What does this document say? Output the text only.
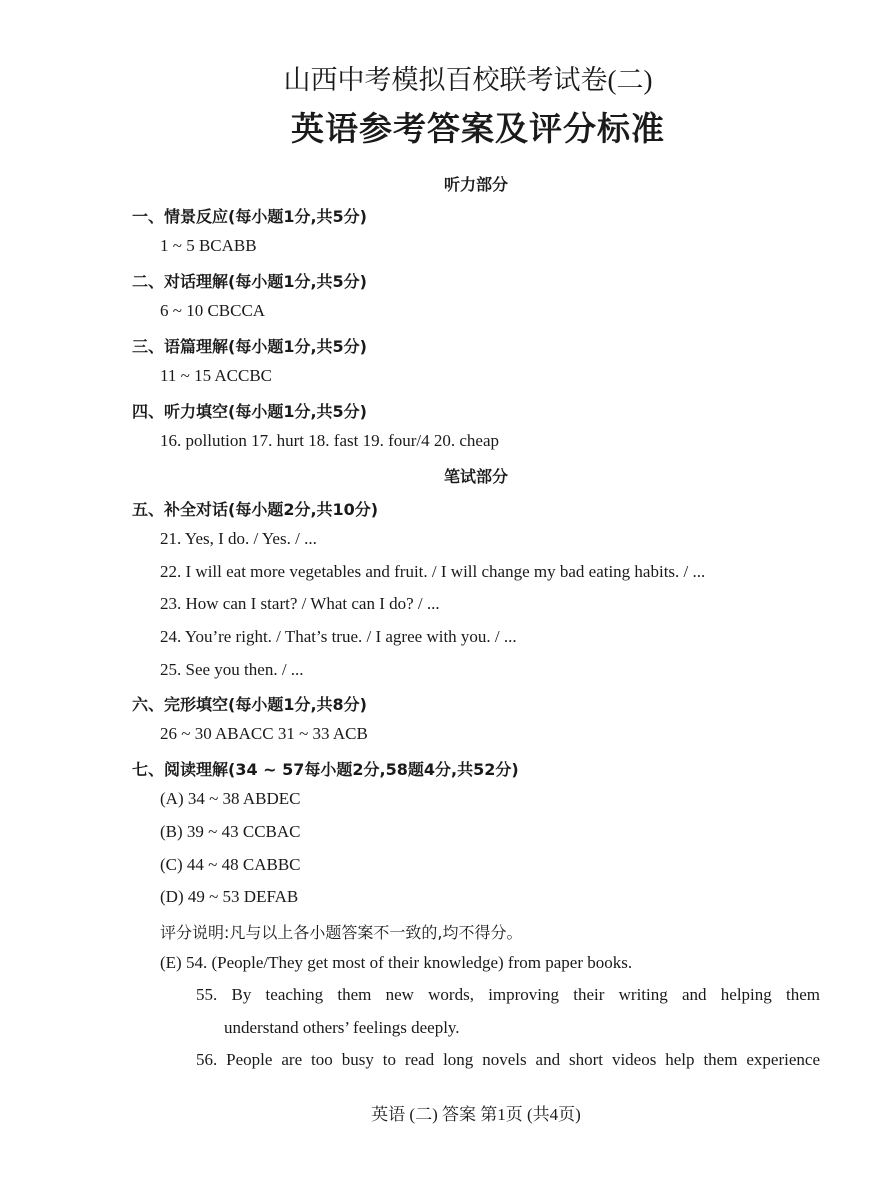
山西中考模拟百校联考试卷(二)
英语参考答案及评分标准
听力部分
一、情景反应(每小题1分,共5分)
1 ~ 5 BCABB
二、对话理解(每小题1分,共5分)
6 ~ 10 CBCCA
三、语篇理解(每小题1分,共5分)
11 ~ 15 ACCBC
四、听力填空(每小题1分,共5分)
16. pollution 17. hurt 18. fast 19. four/4 20. cheap
笔试部分
五、补全对话(每小题2分,共10分)
21. Yes, I do. / Yes. / ...
22. I will eat more vegetables and fruit. / I will change my bad eating habits. / ...
23. How can I start? / What can I do? / ...
24. You’re right. / That’s true. / I agree with you. / ...
25. See you then. / ...
六、完形填空(每小题1分,共8分)
26 ~ 30 ABACC 31 ~ 33 ACB
七、阅读理解(34 ~ 57每小题2分,58题4分,共52分)
(A) 34 ~ 38 ABDEC
(B) 39 ~ 43 CCBAC
(C) 44 ~ 48 CABBC
(D) 49 ~ 53 DEFAB
评分说明:凡与以上各小题答案不一致的,均不得分。
(E) 54. (People/They get most of their knowledge) from paper books.
55. By teaching them new words, improving their writing and helping them
understand others’ feelings deeply.
56. People are too busy to read long novels and short videos help them experience
英语 (二) 答案 第1页 (共4页)
